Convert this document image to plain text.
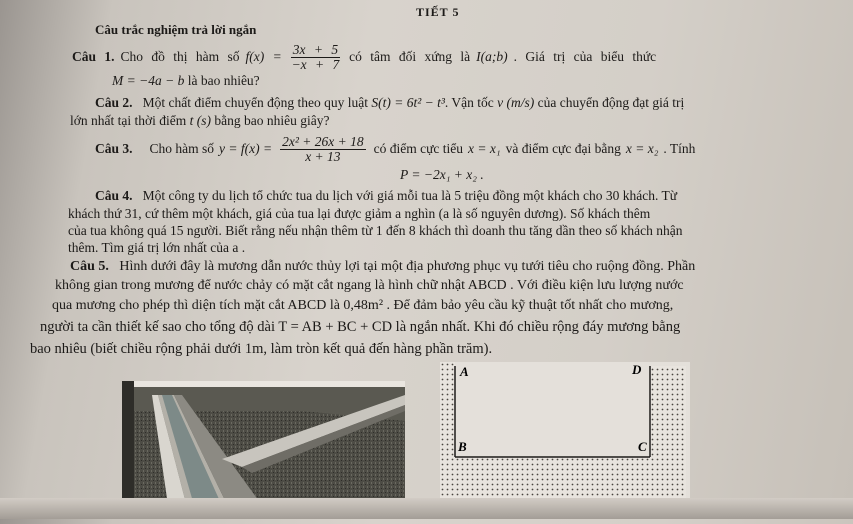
TIẾT 5
Câu trắc nghiệm trả lời ngắn
Câu 1. Cho đồ thị hàm số $f(x) = \frac{3x + 5}{-x + 7}$ có tâm đối xứng là I(a;b) . Giá trị của biểu thức
M = −4a − b là bao nhiêu?
Câu 2. Một chất điểm chuyển động theo quy luật S(t) = 6t² − t³. Vận tốc v (m/s) của chuyển động đạt giá trị
lớn nhất tại thời điểm t (s) bằng bao nhiêu giây?
Câu 3. Cho hàm số $y = f(x) = \frac{\text{2x² + 26x + 18}}{x + 13}$ có điểm cực tiểu x = x₁ và điểm cực đại bằng x = x₂ . Tính
P = −2x₁ + x₂ .
Câu 4. Một công ty du lịch tổ chức tua du lịch với giá mỗi tua là 5 triệu đồng một khách cho 30 khách. Từ
khách thứ 31, cứ thêm một khách, giá của tua lại được giảm a nghìn (a là số nguyên dương). Số khách thêm
của tua không quá 15 người. Biết rằng nếu nhận thêm từ 1 đến 8 khách thì doanh thu tăng dần theo số khách nhận
thêm. Tìm giá trị lớn nhất của a .
Câu 5. Hình dưới đây là mương dẫn nước thủy lợi tại một địa phương phục vụ tưới tiêu cho ruộng đồng. Phần
không gian trong mương để nước chảy có mặt cắt ngang là hình chữ nhật ABCD . Với điều kiện lưu lượng nước
qua mương cho phép thì diện tích mặt cắt ABCD là 0,48m² . Để đảm bảo yêu cầu kỹ thuật tốt nhất cho mương,
người ta cần thiết kế sao cho tổng độ dài T = AB + BC + CD là ngắn nhất. Khi đó chiều rộng đáy mương bằng
bao nhiêu (biết chiều rộng phải dưới 1m, làm tròn kết quả đến hàng phần trăm).
A	D
B	C
